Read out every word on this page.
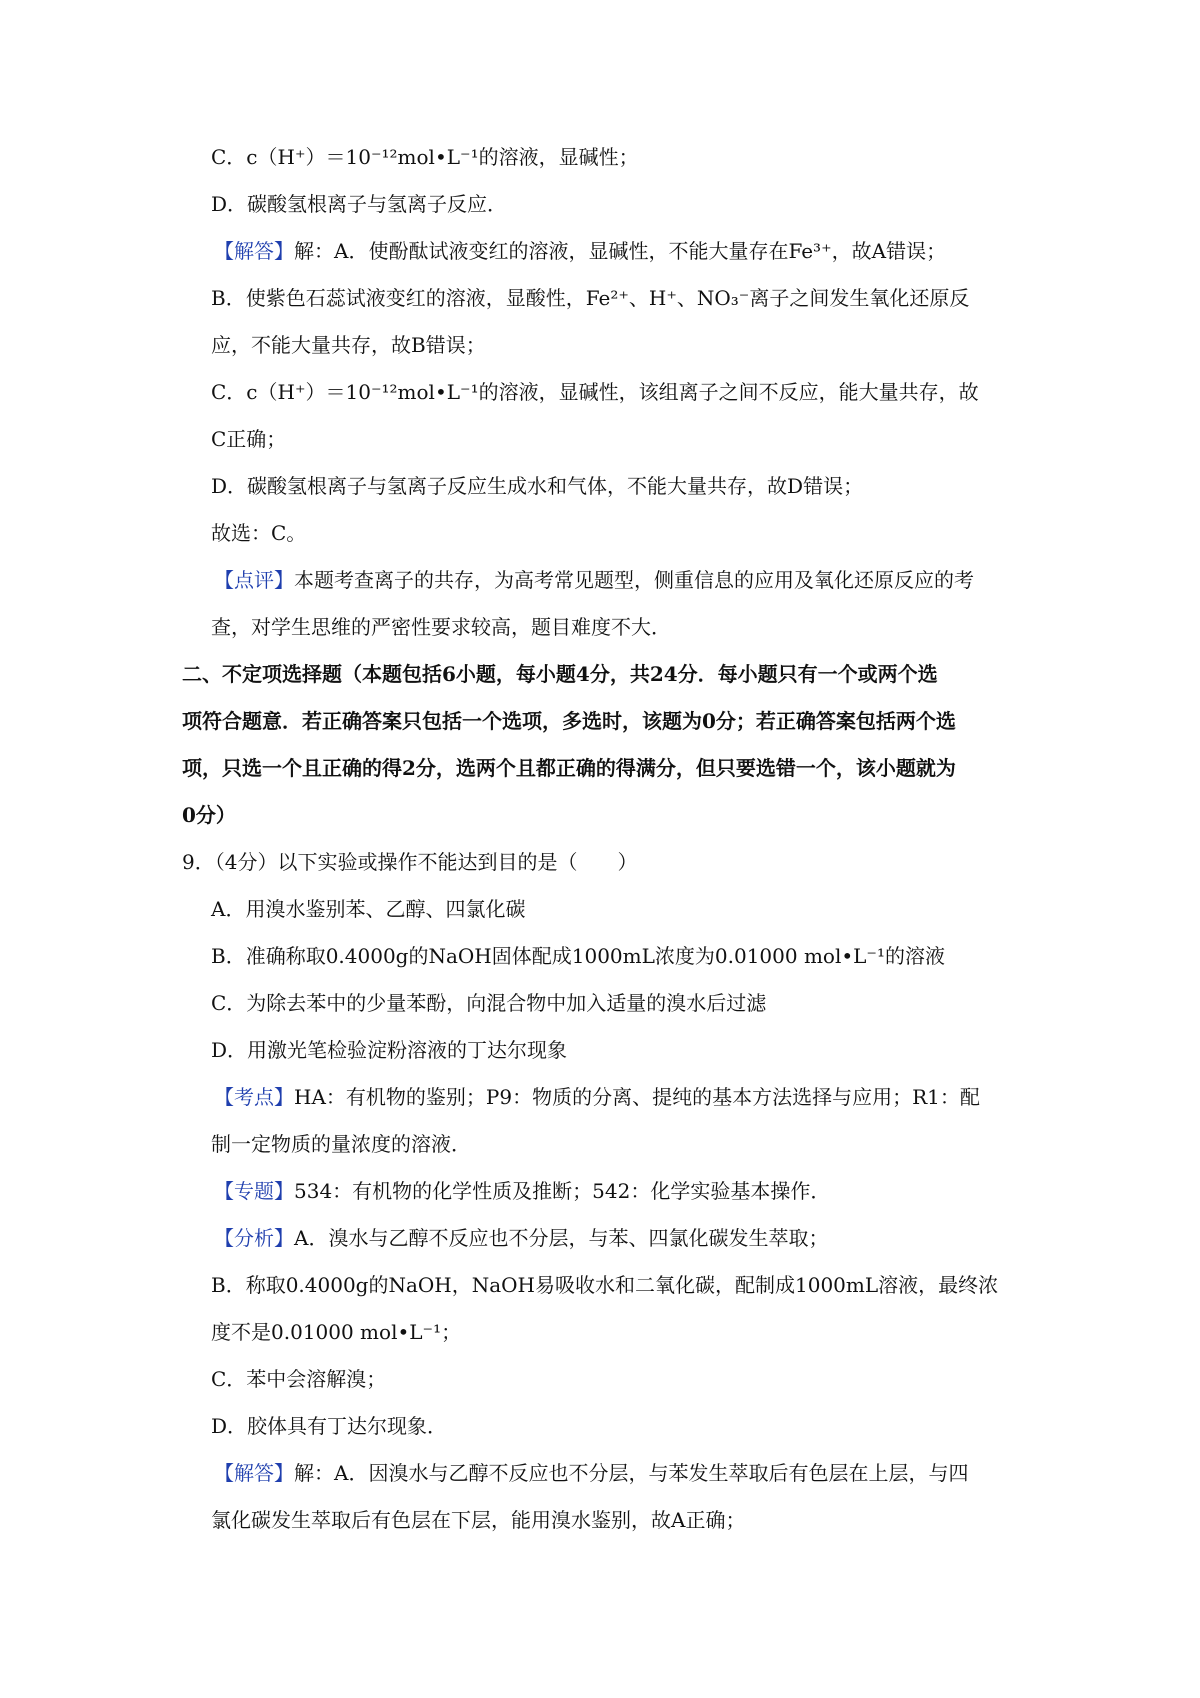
C．c（H⁺）＝10⁻¹²mol•L⁻¹的溶液，显碱性；
D．碳酸氢根离子与氢离子反应．
【解答】解：A．使酚酞试液变红的溶液，显碱性，不能大量存在Fe³⁺，故A错误；
B．使紫色石蕊试液变红的溶液，显酸性，Fe²⁺、H⁺、NO₃⁻离子之间发生氧化还原反
应，不能大量共存，故B错误；
C．c（H⁺）＝10⁻¹²mol•L⁻¹的溶液，显碱性，该组离子之间不反应，能大量共存，故
C正确；
D．碳酸氢根离子与氢离子反应生成水和气体，不能大量共存，故D错误；
故选：C。
【点评】本题考查离子的共存，为高考常见题型，侧重信息的应用及氧化还原反应的考
查，对学生思维的严密性要求较高，题目难度不大．
二、不定项选择题（本题包括6小题，每小题4分，共24分．每小题只有一个或两个选
项符合题意．若正确答案只包括一个选项，多选时，该题为0分；若正确答案包括两个选
项，只选一个且正确的得2分，选两个且都正确的得满分，但只要选错一个，该小题就为
0分）
9．（4分）以下实验或操作不能达到目的是（　　）
A．用溴水鉴别苯、乙醇、四氯化碳
B．准确称取0.4000g的NaOH固体配成1000mL浓度为0.01000 mol•L⁻¹的溶液
C．为除去苯中的少量苯酚，向混合物中加入适量的溴水后过滤
D．用激光笔检验淀粉溶液的丁达尔现象
【考点】HA：有机物的鉴别；P9：物质的分离、提纯的基本方法选择与应用；R1：配
制一定物质的量浓度的溶液．
【专题】534：有机物的化学性质及推断；542：化学实验基本操作．
【分析】A．溴水与乙醇不反应也不分层，与苯、四氯化碳发生萃取；
B．称取0.4000g的NaOH，NaOH易吸收水和二氧化碳，配制成1000mL溶液，最终浓
度不是0.01000 mol•L⁻¹；
C．苯中会溶解溴；
D．胶体具有丁达尔现象．
【解答】解：A．因溴水与乙醇不反应也不分层，与苯发生萃取后有色层在上层，与四
氯化碳发生萃取后有色层在下层，能用溴水鉴别，故A正确；
